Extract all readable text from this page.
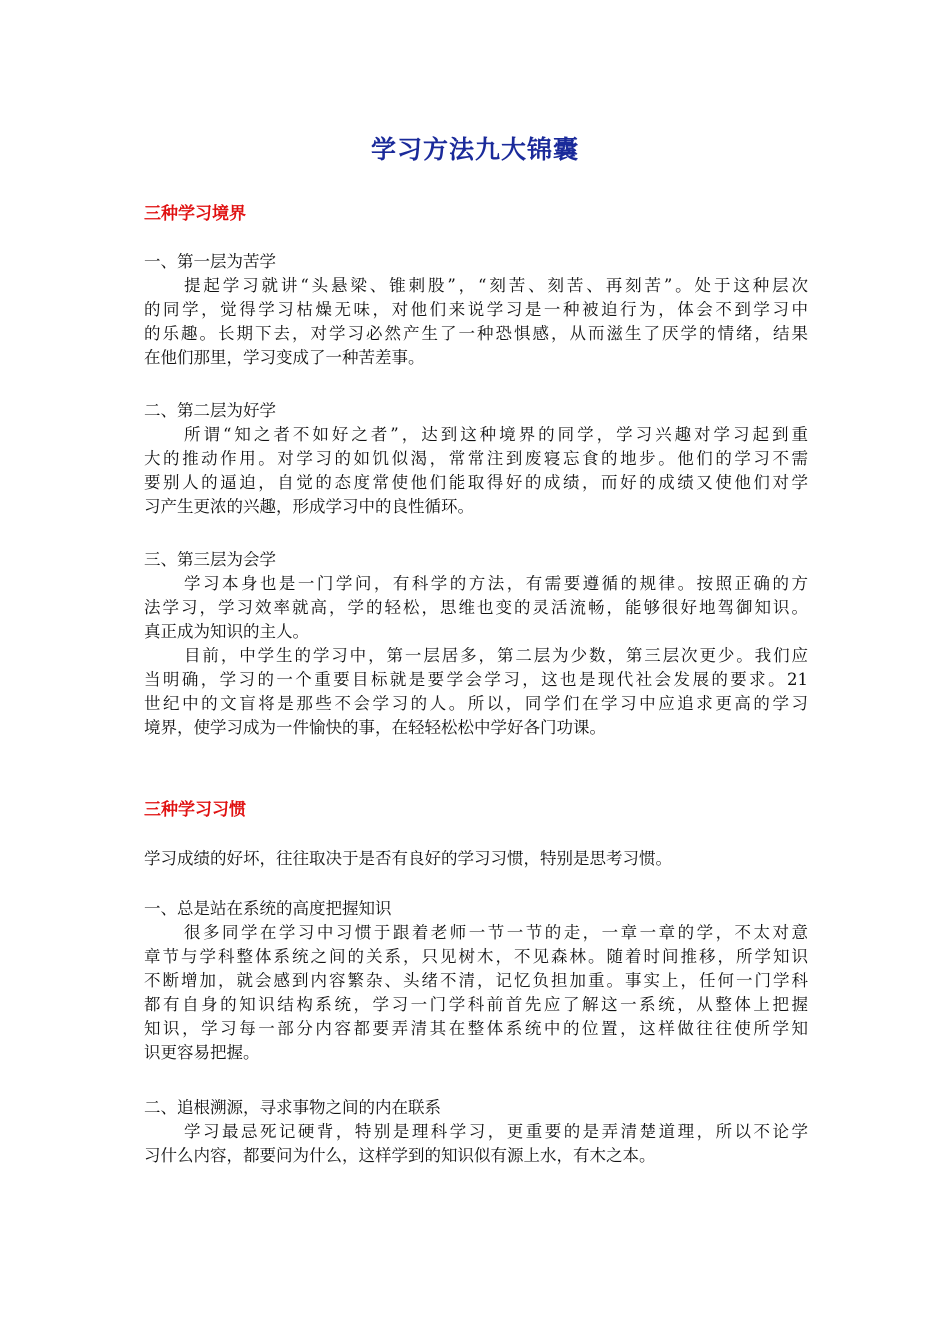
学习方法九大锦囊
三种学习境界
一、第一层为苦学
提起学习就讲“头悬梁、锥刺股”，“刻苦、刻苦、再刻苦”。处于这种层次
的同学，觉得学习枯燥无味，对他们来说学习是一种被迫行为，体会不到学习中
的乐趣。长期下去，对学习必然产生了一种恐惧感，从而滋生了厌学的情绪，结果
在他们那里，学习变成了一种苦差事。
二、第二层为好学
所谓“知之者不如好之者”，达到这种境界的同学，学习兴趣对学习起到重
大的推动作用。对学习的如饥似渴，常常注到废寝忘食的地步。他们的学习不需
要别人的逼迫，自觉的态度常使他们能取得好的成绩，而好的成绩又使他们对学
习产生更浓的兴趣，形成学习中的良性循环。
三、第三层为会学
学习本身也是一门学问，有科学的方法，有需要遵循的规律。按照正确的方
法学习，学习效率就高，学的轻松，思维也变的灵活流畅，能够很好地驾御知识。
真正成为知识的主人。
目前，中学生的学习中，第一层居多，第二层为少数，第三层次更少。我们应
当明确，学习的一个重要目标就是要学会学习，这也是现代社会发展的要求。21
世纪中的文盲将是那些不会学习的人。所以，同学们在学习中应追求更高的学习
境界，使学习成为一件愉快的事，在轻轻松松中学好各门功课。
三种学习习惯
学习成绩的好坏，往往取决于是否有良好的学习习惯，特别是思考习惯。
一、总是站在系统的高度把握知识
很多同学在学习中习惯于跟着老师一节一节的走，一章一章的学，不太对意
章节与学科整体系统之间的关系，只见树木，不见森林。随着时间推移，所学知识
不断增加，就会感到内容繁杂、头绪不清，记忆负担加重。事实上，任何一门学科
都有自身的知识结构系统，学习一门学科前首先应了解这一系统，从整体上把握
知识，学习每一部分内容都要弄清其在整体系统中的位置，这样做往往使所学知
识更容易把握。
二、追根溯源，寻求事物之间的内在联系
学习最忌死记硬背，特别是理科学习，更重要的是弄清楚道理，所以不论学
习什么内容，都要问为什么，这样学到的知识似有源上水，有木之本。
